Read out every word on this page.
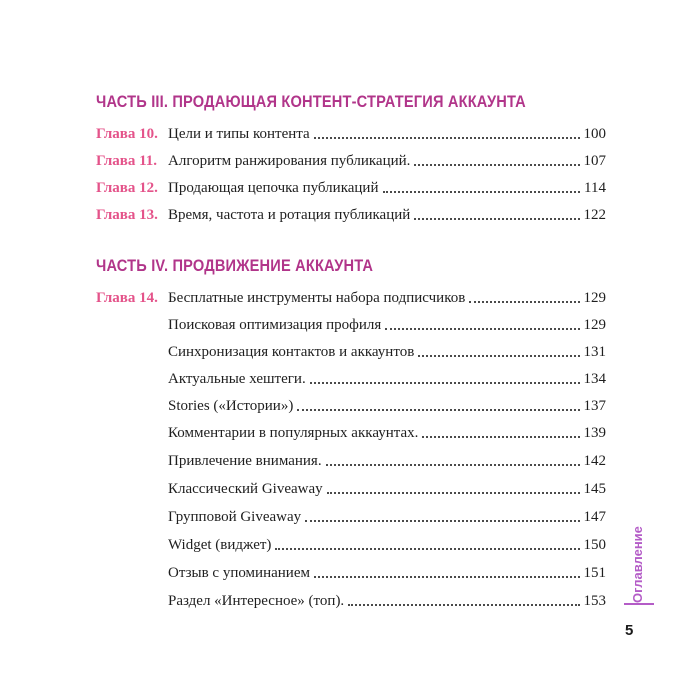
ЧАСТЬ III. ПРОДАЮЩАЯ КОНТЕНТ-СТРАТЕГИЯ АККАУНТА
Глава 10. Цели и типы контента	100
Глава 11. Алгоритм ранжирования публикаций.	107
Глава 12. Продающая цепочка публикаций	114
Глава 13. Время, частота и ротация публикаций	122
ЧАСТЬ IV. ПРОДВИЖЕНИЕ АККАУНТА
Глава 14. Бесплатные инструменты набора подписчиков	129
Поисковая оптимизация профиля	129
Синхронизация контактов и аккаунтов	131
Актуальные хештеги.	134
Stories («Истории»)	137
Комментарии в популярных аккаунтах.	139
Привлечение внимания.	142
Классический Giveaway	145
Групповой Giveaway	147
Widget (виджет)	150
Отзыв с упоминанием	151
Раздел «Интересное» (топ).	153 Оглавление
5
